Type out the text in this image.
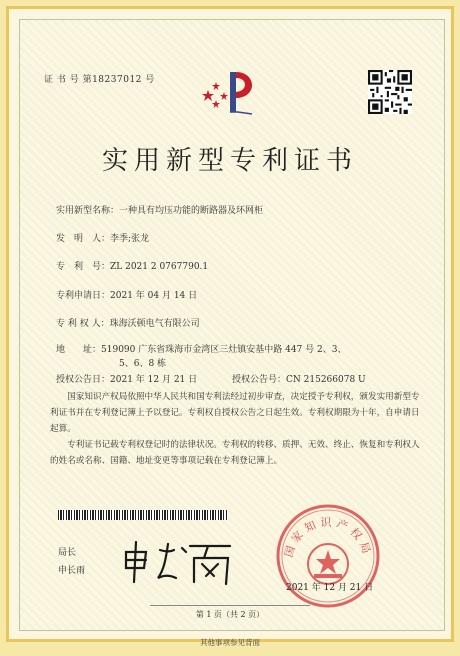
证 书 号 第18237012 号
实用新型专利证书
实用新型名称：一种具有均压功能的断路器及环网柜
发　明　人：李季;张龙
专　利　号：ZL 2021 2 0767790.1
专利申请日：2021 年 04 月 14 日
专 利 权 人：珠海沃顿电气有限公司
地　　址：519090 广东省珠海市金湾区三灶镇安基中路 447 号 2、3、
5、6、8 栋
授权公告日：2021 年 12 月 21 日	授权公告号：CN 215266078 U
　　国家知识产权局依照中华人民共和国专利法经过初步审查，决定授予专利权，颁发实用新型专利证书并在专利登记簿上予以登记。专利权自授权公告之日起生效。专利权期限为十年，自申请日起算。
　　专利证书记载专利权登记时的法律状况。专利权的转移、质押、无效、终止、恢复和专利权人的姓名或名称、国籍、地址变更等事项记载在专利登记簿上。
局长
申长雨
国家知识产权局
2021 年 12 月 21 日
第 1 页（共 2 页）
其他事项参见背面
